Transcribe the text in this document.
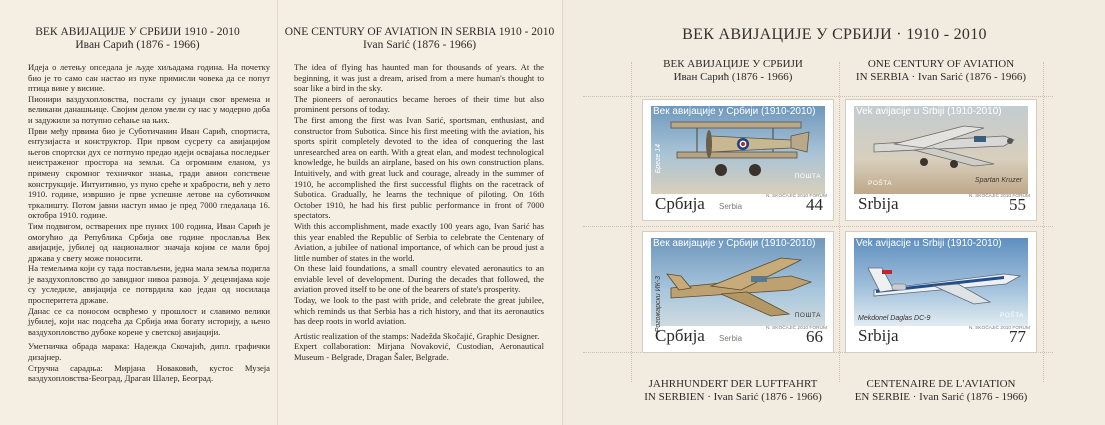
ВЕК АВИЈАЦИЈЕ У СРБИЈИ 1910 - 2010
Иван Сарић (1876 - 1966)

Идеја о летењу опседала је људе хиљадама година. На почетку био је то само сан настао из пуке примисли човека да се попут птица вине у висине.

Пионири ваздухопловства, постали су јунаци свог времена и великани данашњице. Својим делом увели су нас у модерно доба и задужили за потупно сећање на њих.

Први међу првима био је Суботичанин Иван Сарић, спортиста, ентузијаста и конструктор. При првом сусрету са авијацијом његов спортски дух се потпуно предао идеји освајања последњег неистраженог простора на земљи. Са огромним еланом, уз примену скромног техничког знања, гради авион сопствене конструкције. Интуитивно, уз пуно среће и храбрости, већ у лето 1910. године, извршио је прве успешне летове на суботичком тркалишту. Потом јавни наступ имао је пред 7000 гледалаца 16. октобра 1910. године.

Тим подвигом, остварених пре пуних 100 година, Иван Сарић је омогућио да Република Србија ове године прославља Век авијације, јубилеј од националног значаја којим се мали број држава у свету може поносити.

На темељима који су тада постављени, једна мала земља подигла је ваздухопловство до завидног нивоа развоја. У деценијама које су уследиле, авијација се потврдила као један од носилаца просперитета државе.

Данас се са поносом осврћемо у прошлост и славимо велики јубилеј, који нас подсећа да Србија има богату историју, а њено ваздухопловство дубоке корене у светској авијацији.

Уметничка обрада марака: Надежда Скочајић, дипл. графички дизајнер.

Стручна сарадња: Мирјана Новаковић, кустос Музеја ваздухопловства-Београд, Драган Шалер, Београд.

ONE CENTURY OF AVIATION IN SERBIA 1910 - 2010
Ivan Sarić (1876 - 1966)

The idea of flying has haunted man for thousands of years. At the beginning, it was just a dream, arised from a mere human's thought to soar like a bird in the sky.

The pioneers of aeronautics became heroes of their time but also prominent persons of today.

The first among the first was Ivan Sarić, sportsman, enthusiast, and constructor from Subotica. Since his first meeting with the aviation, his sports spirit completely devoted to the idea of conquering the last unresearched area on earth. With a great elan, and modest technological knowledge, he builds an airplane, based on his own construction plans. Intuitively, and with great luck and courage, already in the summer of 1910, he accomplished the first successful flights on the racetrack of Subotica. Gradually, he learns the technique of piloting. On 16th October 1910, he had his first public performance in front of 7000 spectators.

With this accomplishment, made exactly 100 years ago, Ivan Sarić has this year enabled the Republic of Serbia to celebrate the Centenary of Aviation, a jubilee of national importance, of which can be proud just a little number of states in the world.

On these laid foundations, a small country elevated aeronautics to an enviable level of development. During the decades that followed, the aviation proved itself to be one of the bearers of state's prosperity.

Today, we look to the past with pride, and celebrate the great jubilee, which reminds us that Serbia has a rich history, and that its aeronautics has deep roots in world aviation.

Artistic realization of the stamps: Nadežda Skočajić, Graphic Designer.

Expert collaboration: Mirjana Novaković, Custodian, Aeronautical Museum - Belgrade, Dragan Šaler, Belgrade.

ВЕК АВИЈАЦИЈЕ У СРБИЈИ · 1910 - 2010
ВЕК АВИЈАЦИЈЕ У СРБИЈИ
Иван Сарић (1876 - 1966)
ONE CENTURY OF AVIATION
IN SERBIA · Ivan Sarić (1876 - 1966)
Век авијације у Србији (1910-2010)
Бреге 14
ПОШТА
Србија Serbia
N. SKOČAJIĆ 2010 FORUM
44
Vek avijacije u Srbiji (1910-2010)
Spartan Kruzer
POŠTA
Srbija	N. SKOČAJIĆ 2010 FORUM
55
Век авијације у Србији (1910-2010)
Рогожарски ИК-3	ПОШТА
Србија Serbia
N. SKOČAJIĆ 2010 FORUM
66
Vek avijacije u Srbiji (1910-2010)
Mekdonel Daglas DC-9	POŠTA
Srbija	N. SKOČAJIĆ 2010 FORUM
77
JAHRHUNDERT DER LUFTFAHRT
IN SERBIEN · Ivan Sarić (1876 - 1966)
CENTENAIRE DE L'AVIATION
EN SERBIE · Ivan Sarić (1876 - 1966)
